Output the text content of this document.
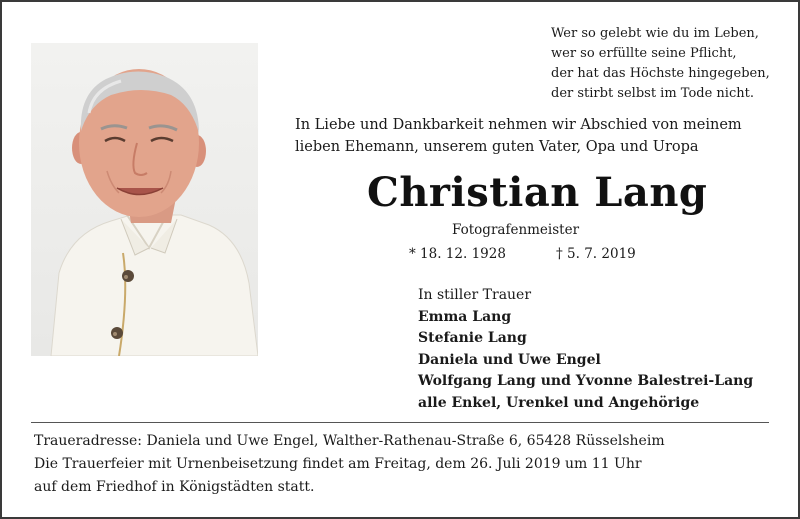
Wer so gelebt wie du im Leben,
wer so erfüllte seine Pflicht,
der hat das Höchste hingegeben,
der stirbt selbst im Tode nicht.
In Liebe und Dankbarkeit nehmen wir Abschied von meinem
lieben Ehemann, unserem guten Vater, Opa und Uropa
Christian Lang
Fotografenmeister
* 18. 12. 1928	† 5. 7. 2019
In stiller Trauer
Emma Lang
Stefanie Lang
Daniela und Uwe Engel
Wolfgang Lang und Yvonne Balestrei-Lang
alle Enkel, Urenkel und Angehörige
Traueradresse: Daniela und Uwe Engel, Walther-Rathenau-Straße 6, 65428 Rüsselsheim
Die Trauerfeier mit Urnenbeisetzung findet am Freitag, dem 26. Juli 2019 um 11 Uhr
auf dem Friedhof in Königstädten statt.
